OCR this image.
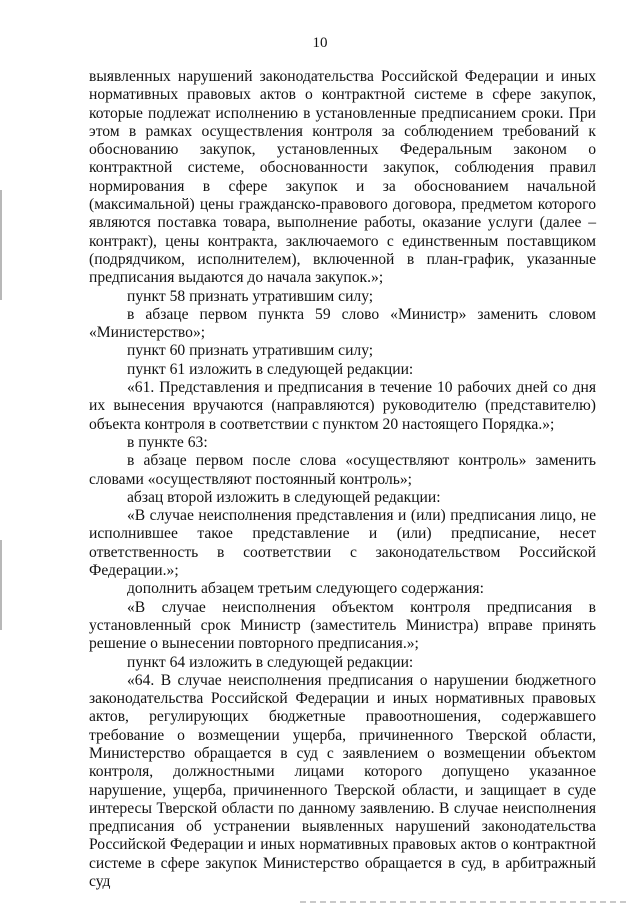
10

выявленных нарушений законодательства Российской Федерации и иных нормативных правовых актов о контрактной системе в сфере закупок, которые подлежат исполнению в установленные предписанием сроки. При этом в рамках осуществления контроля за соблюдением требований к обоснованию закупок, установленных Федеральным законом о контрактной системе, обоснованности закупок, соблюдения правил нормирования в сфере закупок и за обоснованием начальной (максимальной) цены гражданско-правового договора, предметом которого являются поставка товара, выполнение работы, оказание услуги (далее – контракт), цены контракта, заключаемого с единственным поставщиком (подрядчиком, исполнителем), включенной в план-график, указанные предписания выдаются до начала закупок.»;

пункт 58 признать утратившим силу;

в абзаце первом пункта 59 слово «Министр» заменить словом «Министерство»;

пункт 60 признать утратившим силу;

пункт 61 изложить в следующей редакции:

«61. Представления и предписания в течение 10 рабочих дней со дня их вынесения вручаются (направляются) руководителю (представителю) объекта контроля в соответствии с пунктом 20 настоящего Порядка.»;

в пункте 63:

в абзаце первом после слова «осуществляют контроль» заменить словами «осуществляют постоянный контроль»;

абзац второй изложить в следующей редакции:

«В случае неисполнения представления и (или) предписания лицо, не исполнившее такое представление и (или) предписание, несет ответственность в соответствии с законодательством Российской Федерации.»;

дополнить абзацем третьим следующего содержания:

«В случае неисполнения объектом контроля предписания в установленный срок Министр (заместитель Министра) вправе принять решение о вынесении повторного предписания.»;

пункт 64 изложить в следующей редакции:

«64. В случае неисполнения предписания о нарушении бюджетного законодательства Российской Федерации и иных нормативных правовых актов, регулирующих бюджетные правоотношения, содержавшего требование о возмещении ущерба, причиненного Тверской области, Министерство обращается в суд с заявлением о возмещении объектом контроля, должностными лицами которого допущено указанное нарушение, ущерба, причиненного Тверской области, и защищает в суде интересы Тверской области по данному заявлению. В случае неисполнения предписания об устранении выявленных нарушений законодательства Российской Федерации и иных нормативных правовых актов о контрактной системе в сфере закупок Министерство обращается в суд, в арбитражный суд
